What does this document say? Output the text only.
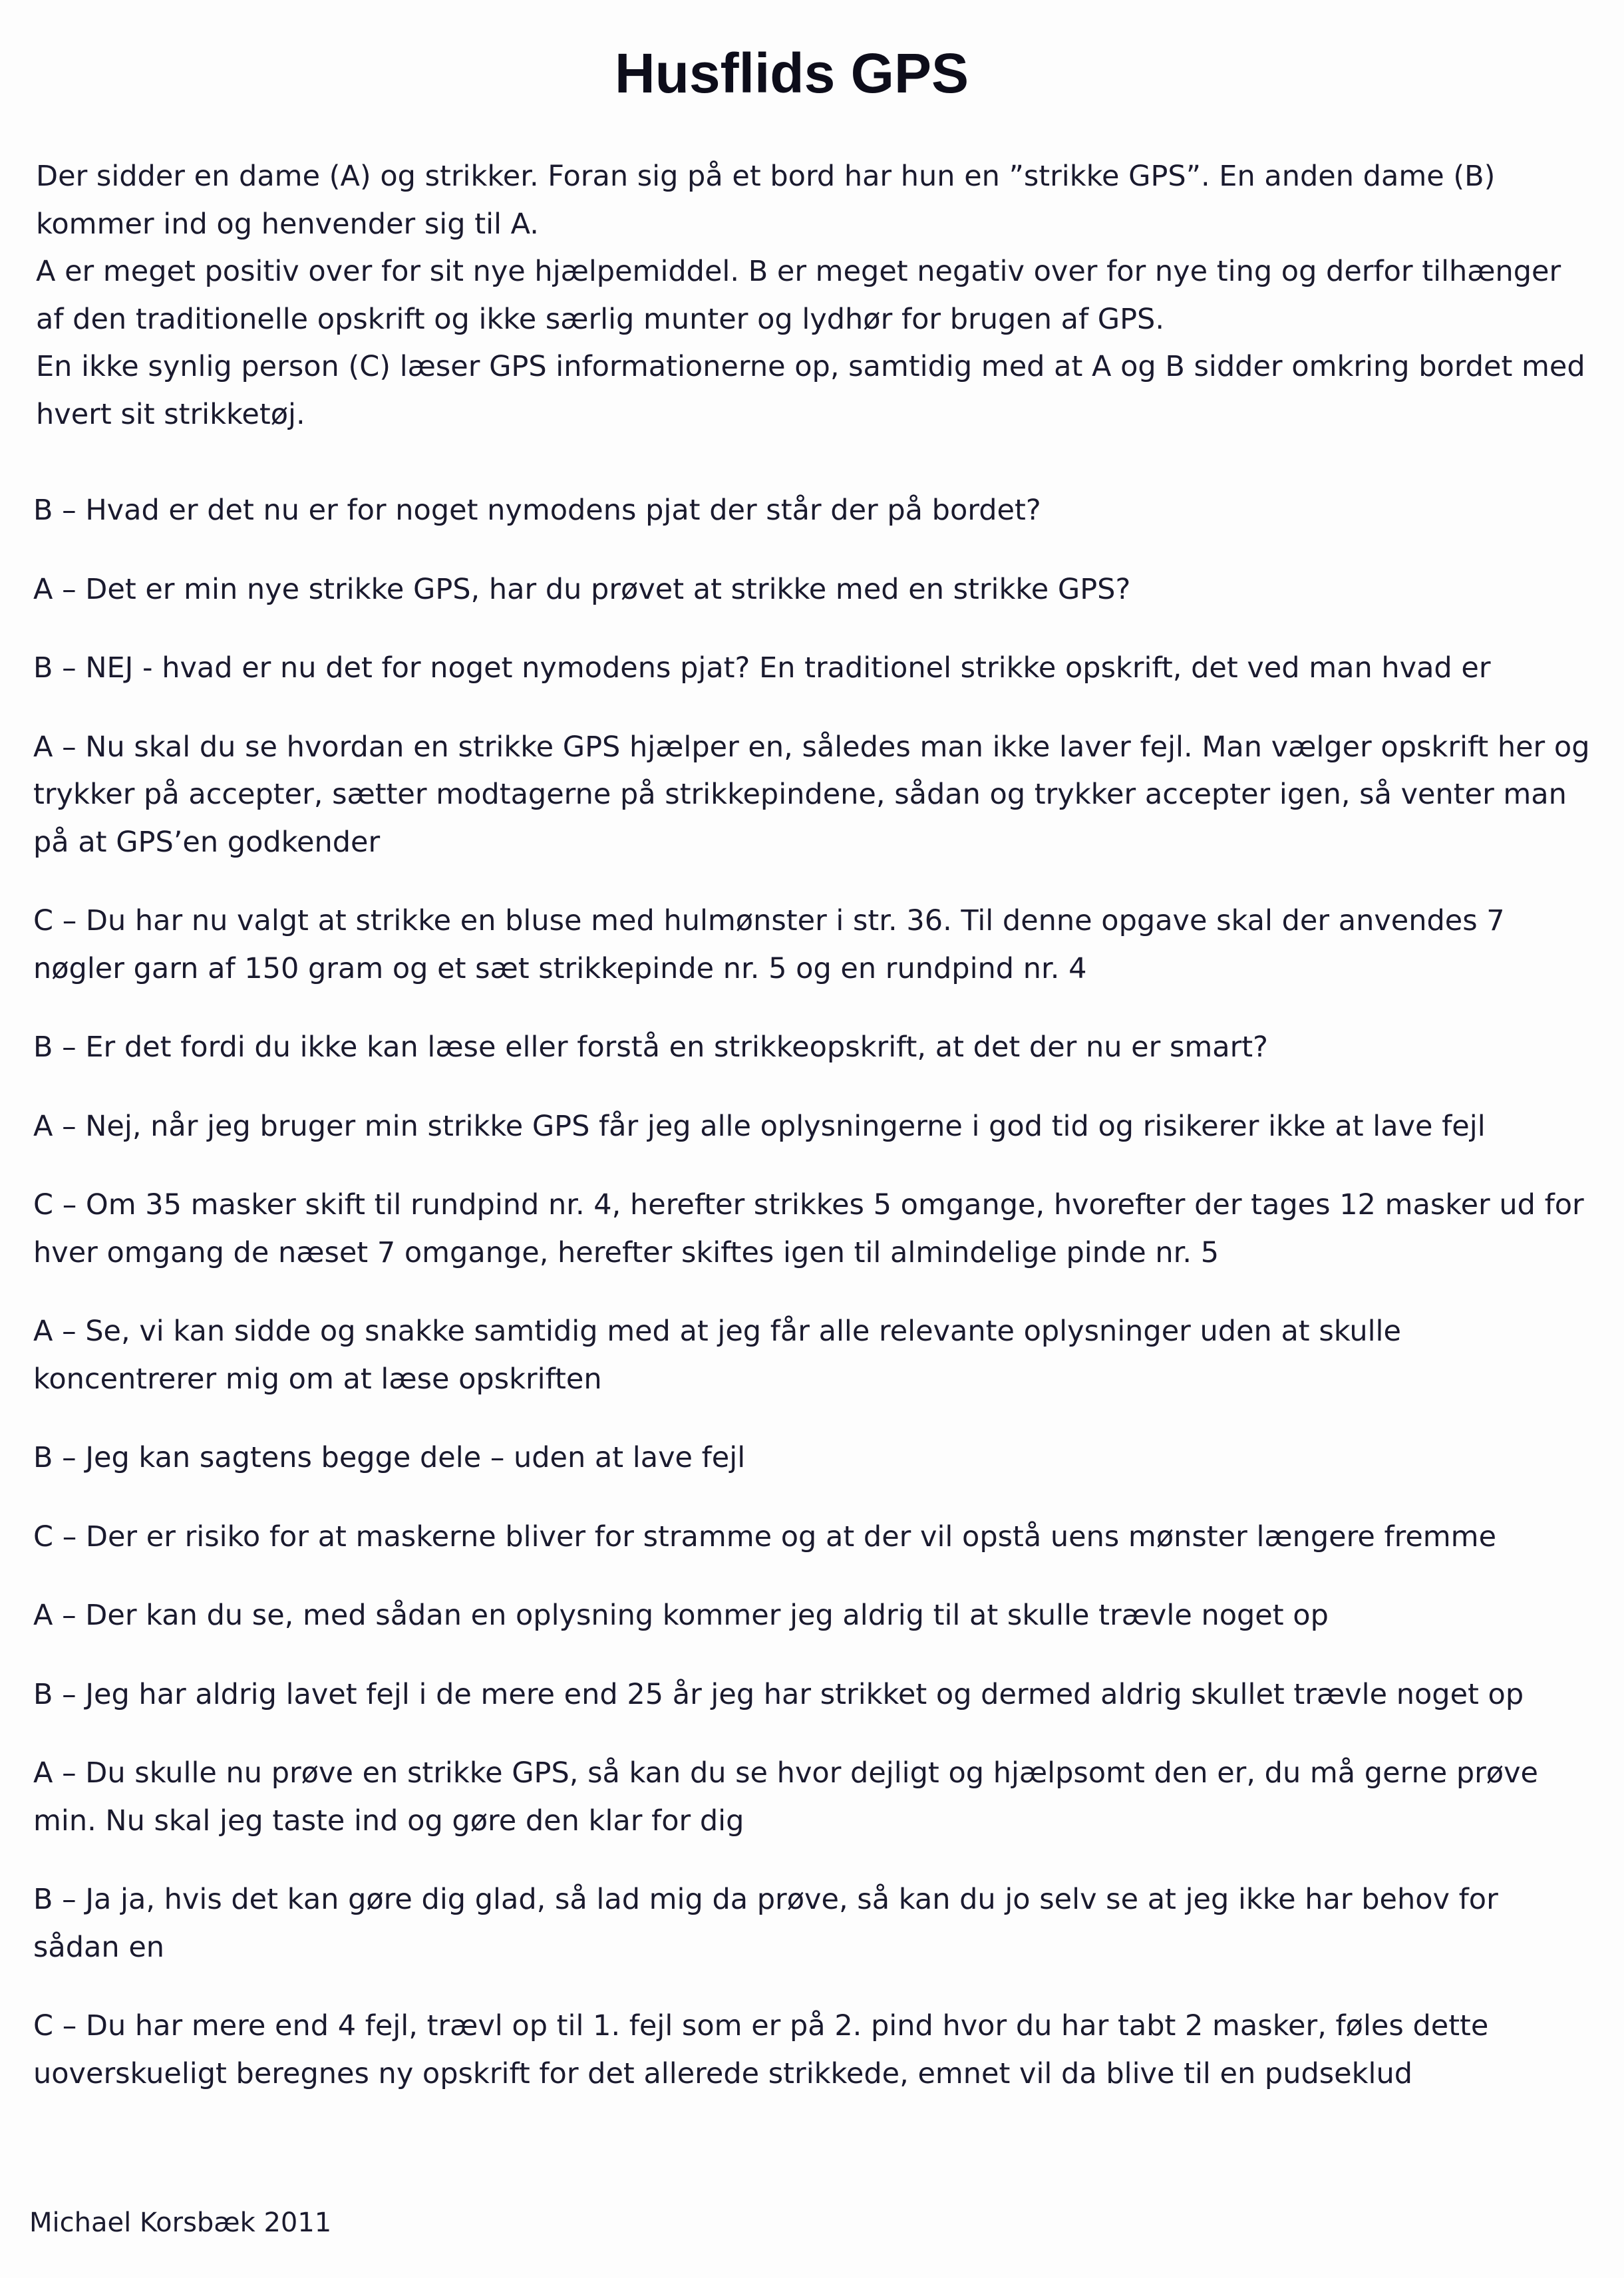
Husflids GPS

Der sidder en dame (A) og strikker. Foran sig på et bord har hun en ”strikke GPS”. En anden dame (B) kommer ind og henvender sig til A.

A er meget positiv over for sit nye hjælpemiddel. B er meget negativ over for nye ting og derfor tilhænger af den traditionelle opskrift og ikke særlig munter og lydhør for brugen af GPS.

En ikke synlig person (C) læser GPS informationerne op, samtidig med at A og B sidder omkring bordet med hvert sit strikketøj.

B – Hvad er det nu er for noget nymodens pjat der står der på bordet?
A – Det er min nye strikke GPS, har du prøvet at strikke med en strikke GPS?
B – NEJ - hvad er nu det for noget nymodens pjat? En traditionel strikke opskrift, det ved man hvad er
A – Nu skal du se hvordan en strikke GPS hjælper en, således man ikke laver fejl. Man vælger opskrift her og trykker på accepter, sætter modtagerne på strikkepindene, sådan og trykker accepter igen, så venter man på at GPS’en godkender
C – Du har nu valgt at strikke en bluse med hulmønster i str. 36. Til denne opgave skal der anvendes 7 nøgler garn af 150 gram og et sæt strikkepinde nr. 5 og en rundpind nr. 4
B – Er det fordi du ikke kan læse eller forstå en strikkeopskrift, at det der nu er smart?
A – Nej, når jeg bruger min strikke GPS får jeg alle oplysningerne i god tid og risikerer ikke at lave fejl
C – Om 35 masker skift til rundpind nr. 4, herefter strikkes 5 omgange, hvorefter der tages 12 masker ud for hver omgang de næset 7 omgange, herefter skiftes igen til almindelige pinde nr. 5
A – Se, vi kan sidde og snakke samtidig med at jeg får alle relevante oplysninger uden at skulle koncentrerer mig om at læse opskriften
B – Jeg kan sagtens begge dele – uden at lave fejl
C – Der er risiko for at maskerne bliver for stramme og at der vil opstå uens mønster længere fremme
A – Der kan du se, med sådan en oplysning kommer jeg aldrig til at skulle trævle noget op
B – Jeg har aldrig lavet fejl i de mere end 25 år jeg har strikket og dermed aldrig skullet trævle noget op
A – Du skulle nu prøve en strikke GPS, så kan du se hvor dejligt og hjælpsomt den er, du må gerne prøve min. Nu skal jeg taste ind og gøre den klar for dig
B – Ja ja, hvis det kan gøre dig glad, så lad mig da prøve, så kan du jo selv se at jeg ikke har behov for sådan en
C – Du har mere end 4 fejl, trævl op til 1. fejl som er på 2. pind hvor du har tabt 2 masker, føles dette uoverskueligt beregnes ny opskrift for det allerede strikkede, emnet vil da blive til en pudseklud

Michael Korsbæk 2011
